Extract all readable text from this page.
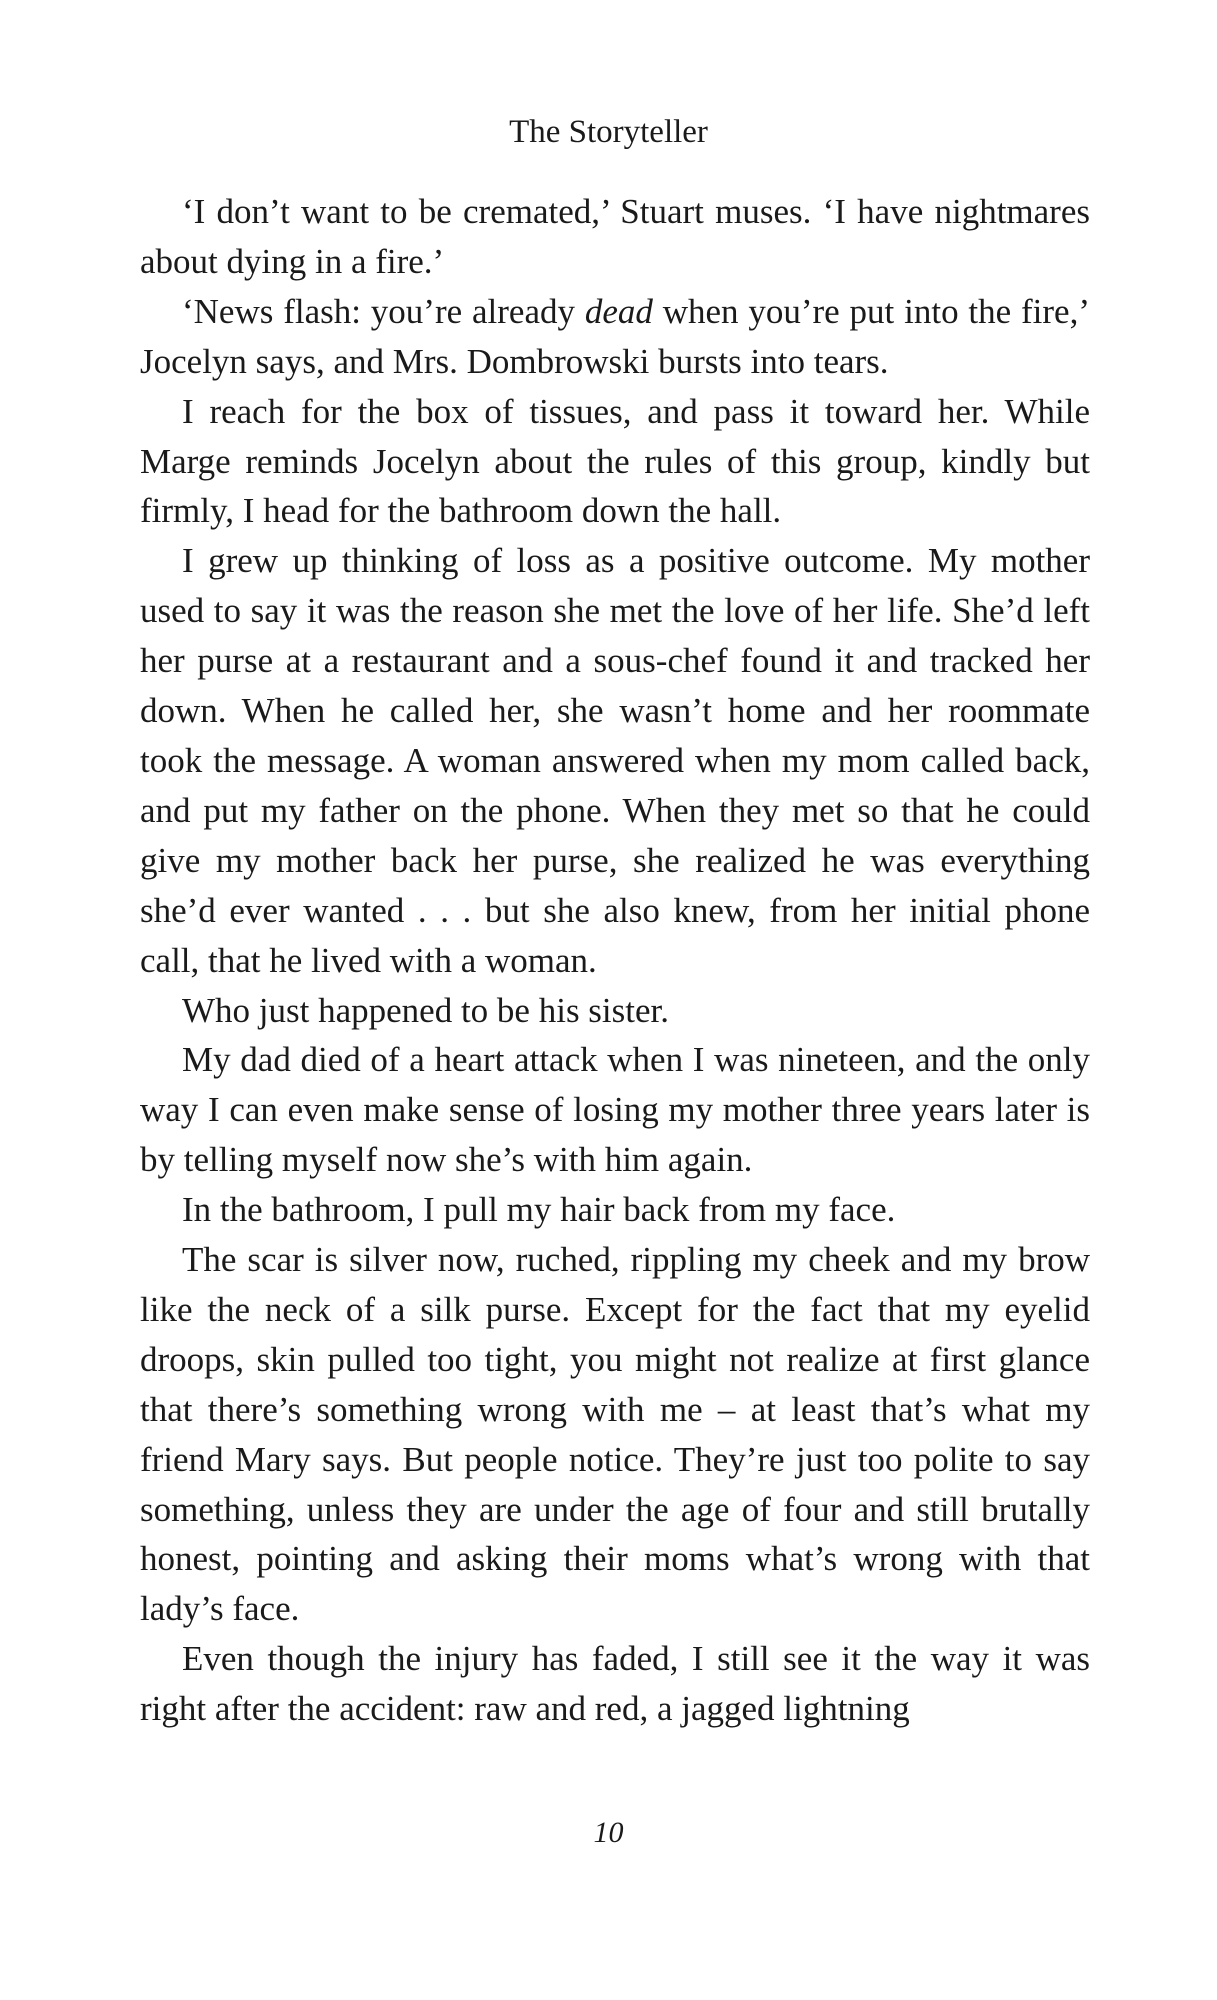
The Storyteller

‘I don’t want to be cremated,’ Stuart muses. ‘I have nightmares about dying in a fire.’

‘News flash: you’re already dead when you’re put into the fire,’ Jocelyn says, and Mrs. Dombrowski bursts into tears.

I reach for the box of tissues, and pass it toward her. While Marge reminds Jocelyn about the rules of this group, kindly but firmly, I head for the bathroom down the hall.

I grew up thinking of loss as a positive outcome. My mother used to say it was the reason she met the love of her life. She’d left her purse at a restaurant and a sous-chef found it and tracked her down. When he called her, she wasn’t home and her roommate took the message. A woman answered when my mom called back, and put my father on the phone. When they met so that he could give my mother back her purse, she realized he was everything she’d ever wanted . . . but she also knew, from her initial phone call, that he lived with a woman.

Who just happened to be his sister.

My dad died of a heart attack when I was nineteen, and the only way I can even make sense of losing my mother three years later is by telling myself now she’s with him again.

In the bathroom, I pull my hair back from my face.

The scar is silver now, ruched, rippling my cheek and my brow like the neck of a silk purse. Except for the fact that my eyelid droops, skin pulled too tight, you might not realize at first glance that there’s something wrong with me – at least that’s what my friend Mary says. But people notice. They’re just too polite to say something, unless they are under the age of four and still brutally honest, pointing and asking their moms what’s wrong with that lady’s face.

Even though the injury has faded, I still see it the way it was right after the accident: raw and red, a jagged lightning

10
